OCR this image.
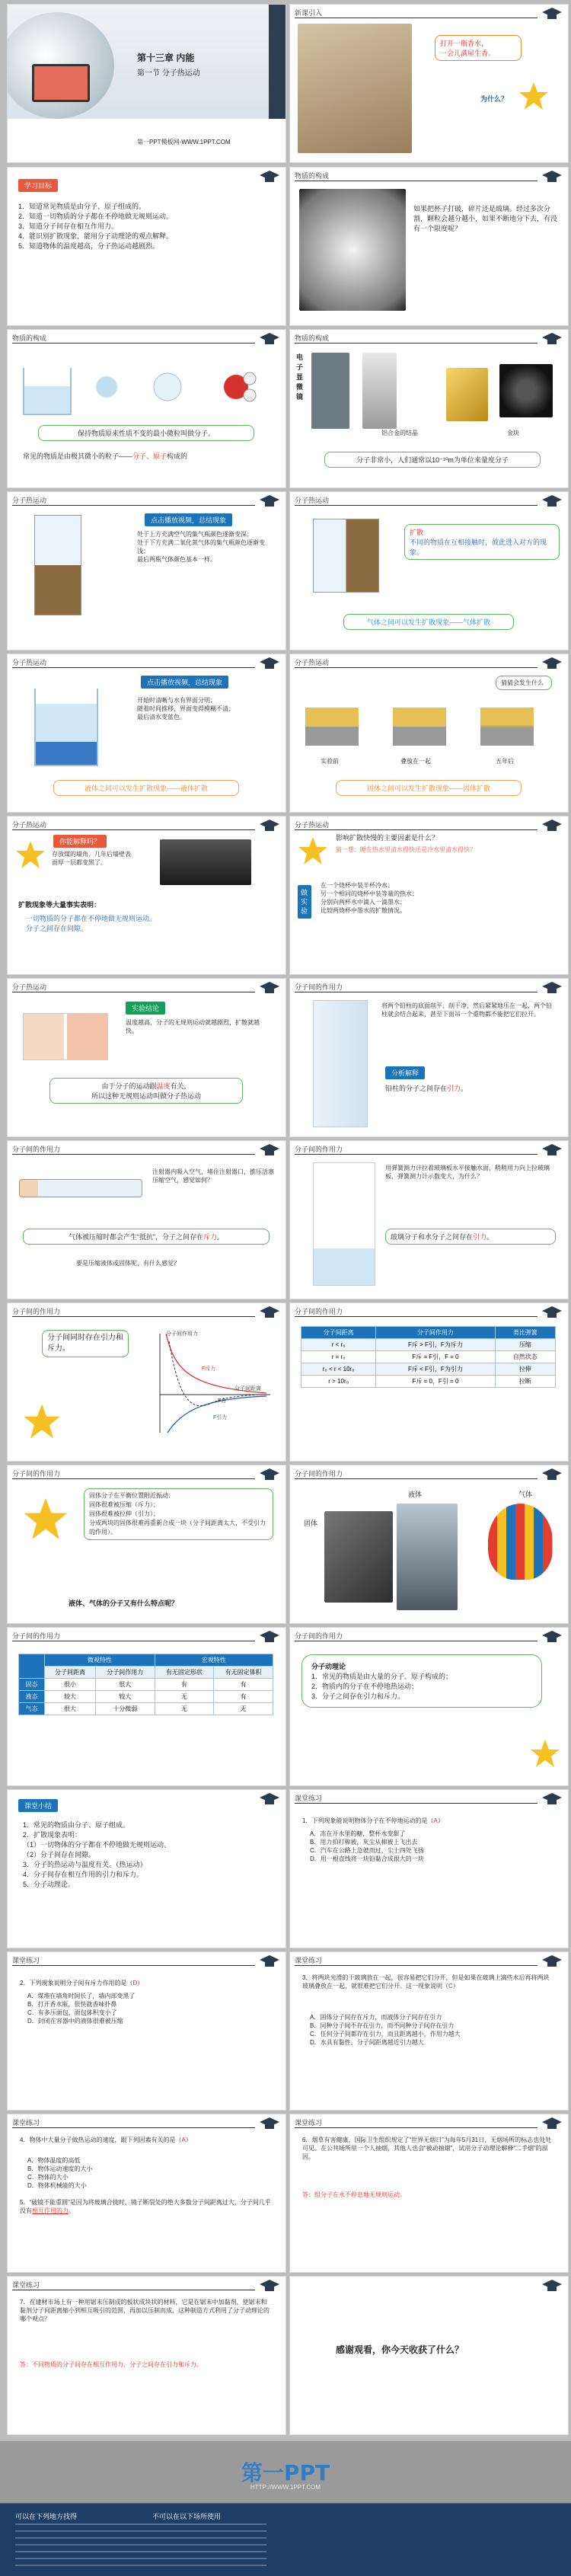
第十三章 内能
第一节 分子热运动
第一PPT模板网-WWW.1PPT.COM
新课引入
打开一瓶香水，
一会儿满屋生香。
为什么？
学习目标
1．知道常见物质是由分子、原子组成的。
2．知道一切物质的分子都在不停地做无规则运动。
3．知道分子间存在相互作用力。
4．能识别扩散现象，能用分子动理论的观点解释。
5．知道物体的温度越高，分子热运动越剧烈。
物质的构成
如果把杯子打破，碎片还是玻璃。经过多次分割，颗粒会越分越小，如果不断地分下去，有没有一个限度呢？
物质的构成
保持物质原来性质不变的最小微粒叫做分子。
常见的物质是由极其微小的粒子——分子、原子构成的
物质的构成
电子显微镜
铝合金的结晶	金块
分子非常小，人们通常以10⁻¹⁰m为单位来量度分子
分子热运动
点击播放视频，总结现象
处于上方充满空气的集气瓶颜色逐渐变深；
处于下方充满二氧化氮气体的集气瓶颜色逐渐变浅；
最后两瓶气体颜色基本一样。
分子热运动
扩散
不同的物质在互相接触时，彼此进入对方的现象。
气体之间可以发生扩散现象——气体扩散
分子热运动
点击播放视频，总结现象
开始时清晰与水有界面分明；
随着时间推移，界面变得模糊不清；
最后清水变蓝色。
液体之间可以发生扩散现象——液体扩散
分子热运动
猜猜会发生什么
实验前	叠放在一起	五年后
固体之间可以发生扩散现象——固体扩散
分子热运动
你能解释吗？
存放煤的墙角，几年后墙壁表面厚一层都变黑了。
扩散现象等大量事实表明：
一切物质的分子都在不停地做无规则运动。
分子之间存在间隙。
分子热运动
影响扩散快慢的主要因素是什么？
猜一想：睡在热水里清水得快还是冷水里清水得快？
做实验
在一个烧杯中装半杯冷水；
另一个相同的烧杯中装等量的热水；
分别向两杯水中滴入一滴墨水；
比较两烧杯中墨水的扩散情况。
分子热运动
实验结论
温度越高，分子的无规则运动就越剧烈，扩散就越快。
由于分子的运动跟温度有关，
所以这种无规则运动叫做分子热运动
分子间的作用力
将两个铅柱的底面削平、削干净，然后紧紧地压在一起，两个铅柱就会结合起来，甚至下面吊一个重物都不能把它们拉开。
分析解释
铅柱的分子之间存在引力。
分子间的作用力
注射器内吸入空气，堵住注射器口，推压活塞压缩空气，感觉如何？
气体被压缩时都会产生“抵抗”，分子之间存在斥力。
要是压缩液体或固体呢，有什么感觉？
分子间的作用力
用弹簧测力计拉着玻璃板水平接触水面，稍稍用力向上拉玻璃板，弹簧测力计示数变大，为什么？
玻璃分子和水分子之间存在引力。
分子间的作用力
分子间同时存在引力和斥力。
分子间作用力
F斥力
F引力
F合
分子间距离
分子间的作用力
分子间距离	分子间作用力	类比弹簧
r < r₀	F斥 > F引，F为斥力	压缩
r = r₀	F斥 = F引，F = 0	自然状态
r₀ < r < 10r₀	F斥 < F引，F为引力	拉伸
r > 10r₀	F斥 = 0，F引 = 0	拉断
分子间的作用力
固体分子在平衡位置附近振动：
固体很难被压缩（斥力）；
固体很难被拉伸（引力）；
分成两块的固体很难再重新合成一块（分子间距离太大，不受引力的作用）。
液体、气体的分子又有什么特点呢？
分子间的作用力
固体
液体	气体
分子间的作用力
	微观特性		宏观特性	
	分子间距离	分子间作用力	有无固定形状	有无固定体积
固态	很小	很大	有	有
液态	较大	较大	无	有
气态	很大	十分微弱	无	无
分子间的作用力
分子动理论
1．常见的物质是由大量的分子、原子构成的；
2．物质内的分子在不停地热运动；
3．分子之间存在引力和斥力。
课堂小结
1．常见的物质由分子、原子组成。
2．扩散现象表明：
（1）一切物体的分子都在不停地做无规则运动。
（2）分子间存在间隙。
3．分子的热运动与温度有关。（热运动）
4．分子间存在相互作用的引力和斥力。
5．分子动理论。
课堂练习
1．下列现象能说明物体分子在不停地运动的是（A）
A．冻在开水里的糖，整杯水变甜了
B．用力拍打棉被，灰尘从棉被上飞出去
C．汽车在公路上急驶而过，尘土四处飞扬
D．用一根直线将一块铅黏合成很大的一块
课堂练习
2．下列现象说明分子间有斥力作用的是（D）
A．煤堆在墙角时间长了，墙内部变黑了
B．打开香水瓶，很快就香味扑鼻
C．有多压面包，面包体积变小了
D．封闭在容器中的液体很难被压缩
课堂练习
3．将两块光滑的干玻璃放在一起，很容易把它们分开，但是如果在玻璃上滴些水后再将两块玻璃叠放在一起，就很难把它们分开。这一现象说明（C）
A．固体分子间存在斥力，而液体分子间存在引力
B．同种分子间不存在引力，而不同种分子间存在引力
C．任何分子间都存在引力，而且距离越小，作用力越大
D．水具有黏性，分子间距离越近引力越大
课堂练习
4．物体中大量分子做热运动的速度，跟下列因素有关的是（A）
A．物体温度的高低
B．物体运动速度的大小
C．物体的大小
D．物体机械能的大小
5．“破镜不能重圆”是因为将玻璃合拢时，镜子断裂处的绝大多数分子间距离过大，分子间几乎没有相互作用的力。
课堂练习
6．烟草有害健康，国际卫生组织规定了“世界无烟日”为每年5月31日，无烟场所的标志也处处可见。在公共场所里一个人抽烟，其他人也会“被动抽烟”，试用分子动理论解释“二手烟”的原因。
答：组分子在永不停息地无规则运动。
课堂练习
7．在建材市场上有一种用锯末压制成的板状成块状的材料，它是在锯末中加黏剂，使锯末和黏剂分子间距离缩小到相互吸引的范围，再加以压制而成，这种制造方式利用了分子动理论的哪个观点？
答：不同物质的分子间存在相互作用力，分子之间存在引力和斥力。
感谢观看，你今天收获了什么？
第一PPT
HTTP://WWW.1PPT.COM
可以在下列地方找得	不可以在以下场所使用
